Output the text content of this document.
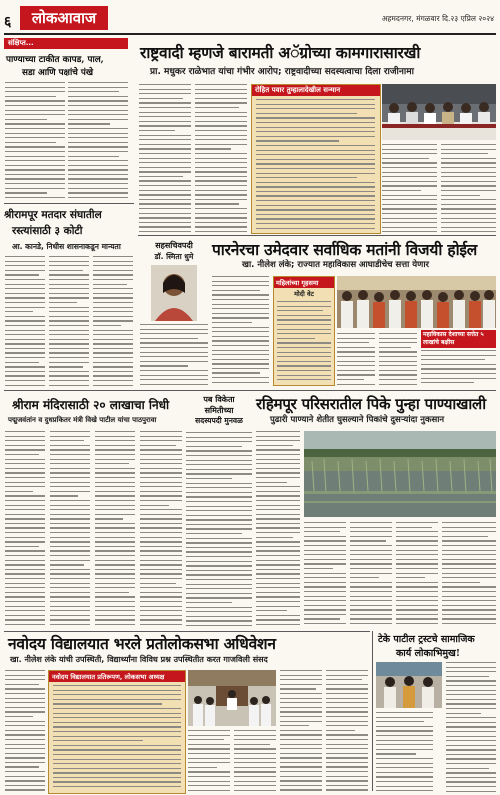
६	लोकआवाज	अहमदनगर, मंगळवार दि.२३ एप्रिल २०२४
संक्षिप्त...
पाण्याच्या टाकीत कापड, पाल,
सडा आणि पक्षांचे पंखे
श्रीरामपूर मतदार संघातील
रस्त्यांसाठी ३ कोटी
आ. कानडे, निधीस शासनाकडून मान्यता
श्रीराम मंदिरासाठी २० लाखाचा निधी
पद्मुजवंतांन व दुधप्रकितर मंत्री विखे पाटील यांचा पाठपुरावा
राष्ट्रवादी म्हणजे बारामती अॅग्रोच्या कामगारासारखी
प्रा. मधुकर राळेभात यांचा गंभीर आरोप; राष्ट्रवादीच्या सदस्यत्वाचा दिला राजीनामा
रोहित पवार तुम्हालादेखील सन्मान
सहसचिवपदी
डॉ. स्मिता धुमे	पारनेरचा उमेदवार सर्वाधिक मतांनी विजयी होईल
खा. नीलेश लंके; राज्यात महाविकास आघाडीचेच सत्ता येणार
महिलांच्या गृहसमा
मोदी वेट
महाविकास देशाच्या सत्तेत ५ लाखांचे बक्षीस
पब विकेता
समितीच्या
सदस्यपदी मुनवळ
रहिमपूर परिसरातील पिके पुन्हा पाण्याखाली
पुढारी पाण्याने शेतीत घुसल्याने पिकांचे दुसऱ्यांदा नुकसान
नवोदय विद्यालयात भरले प्रतोलोकसभा अधिवेशन
खा. नीलेश लंके यांची उपस्थिती, विद्यार्थ्यांना विविध प्रश्न उपस्थितीत करत गाजविली संसद
नवोदय विद्यालयात प्रतिरूपण, लोकसभा अध्यक्ष
टेके पाटील ट्रस्टचे सामाजिक
कार्य लोकाभिमुख!
